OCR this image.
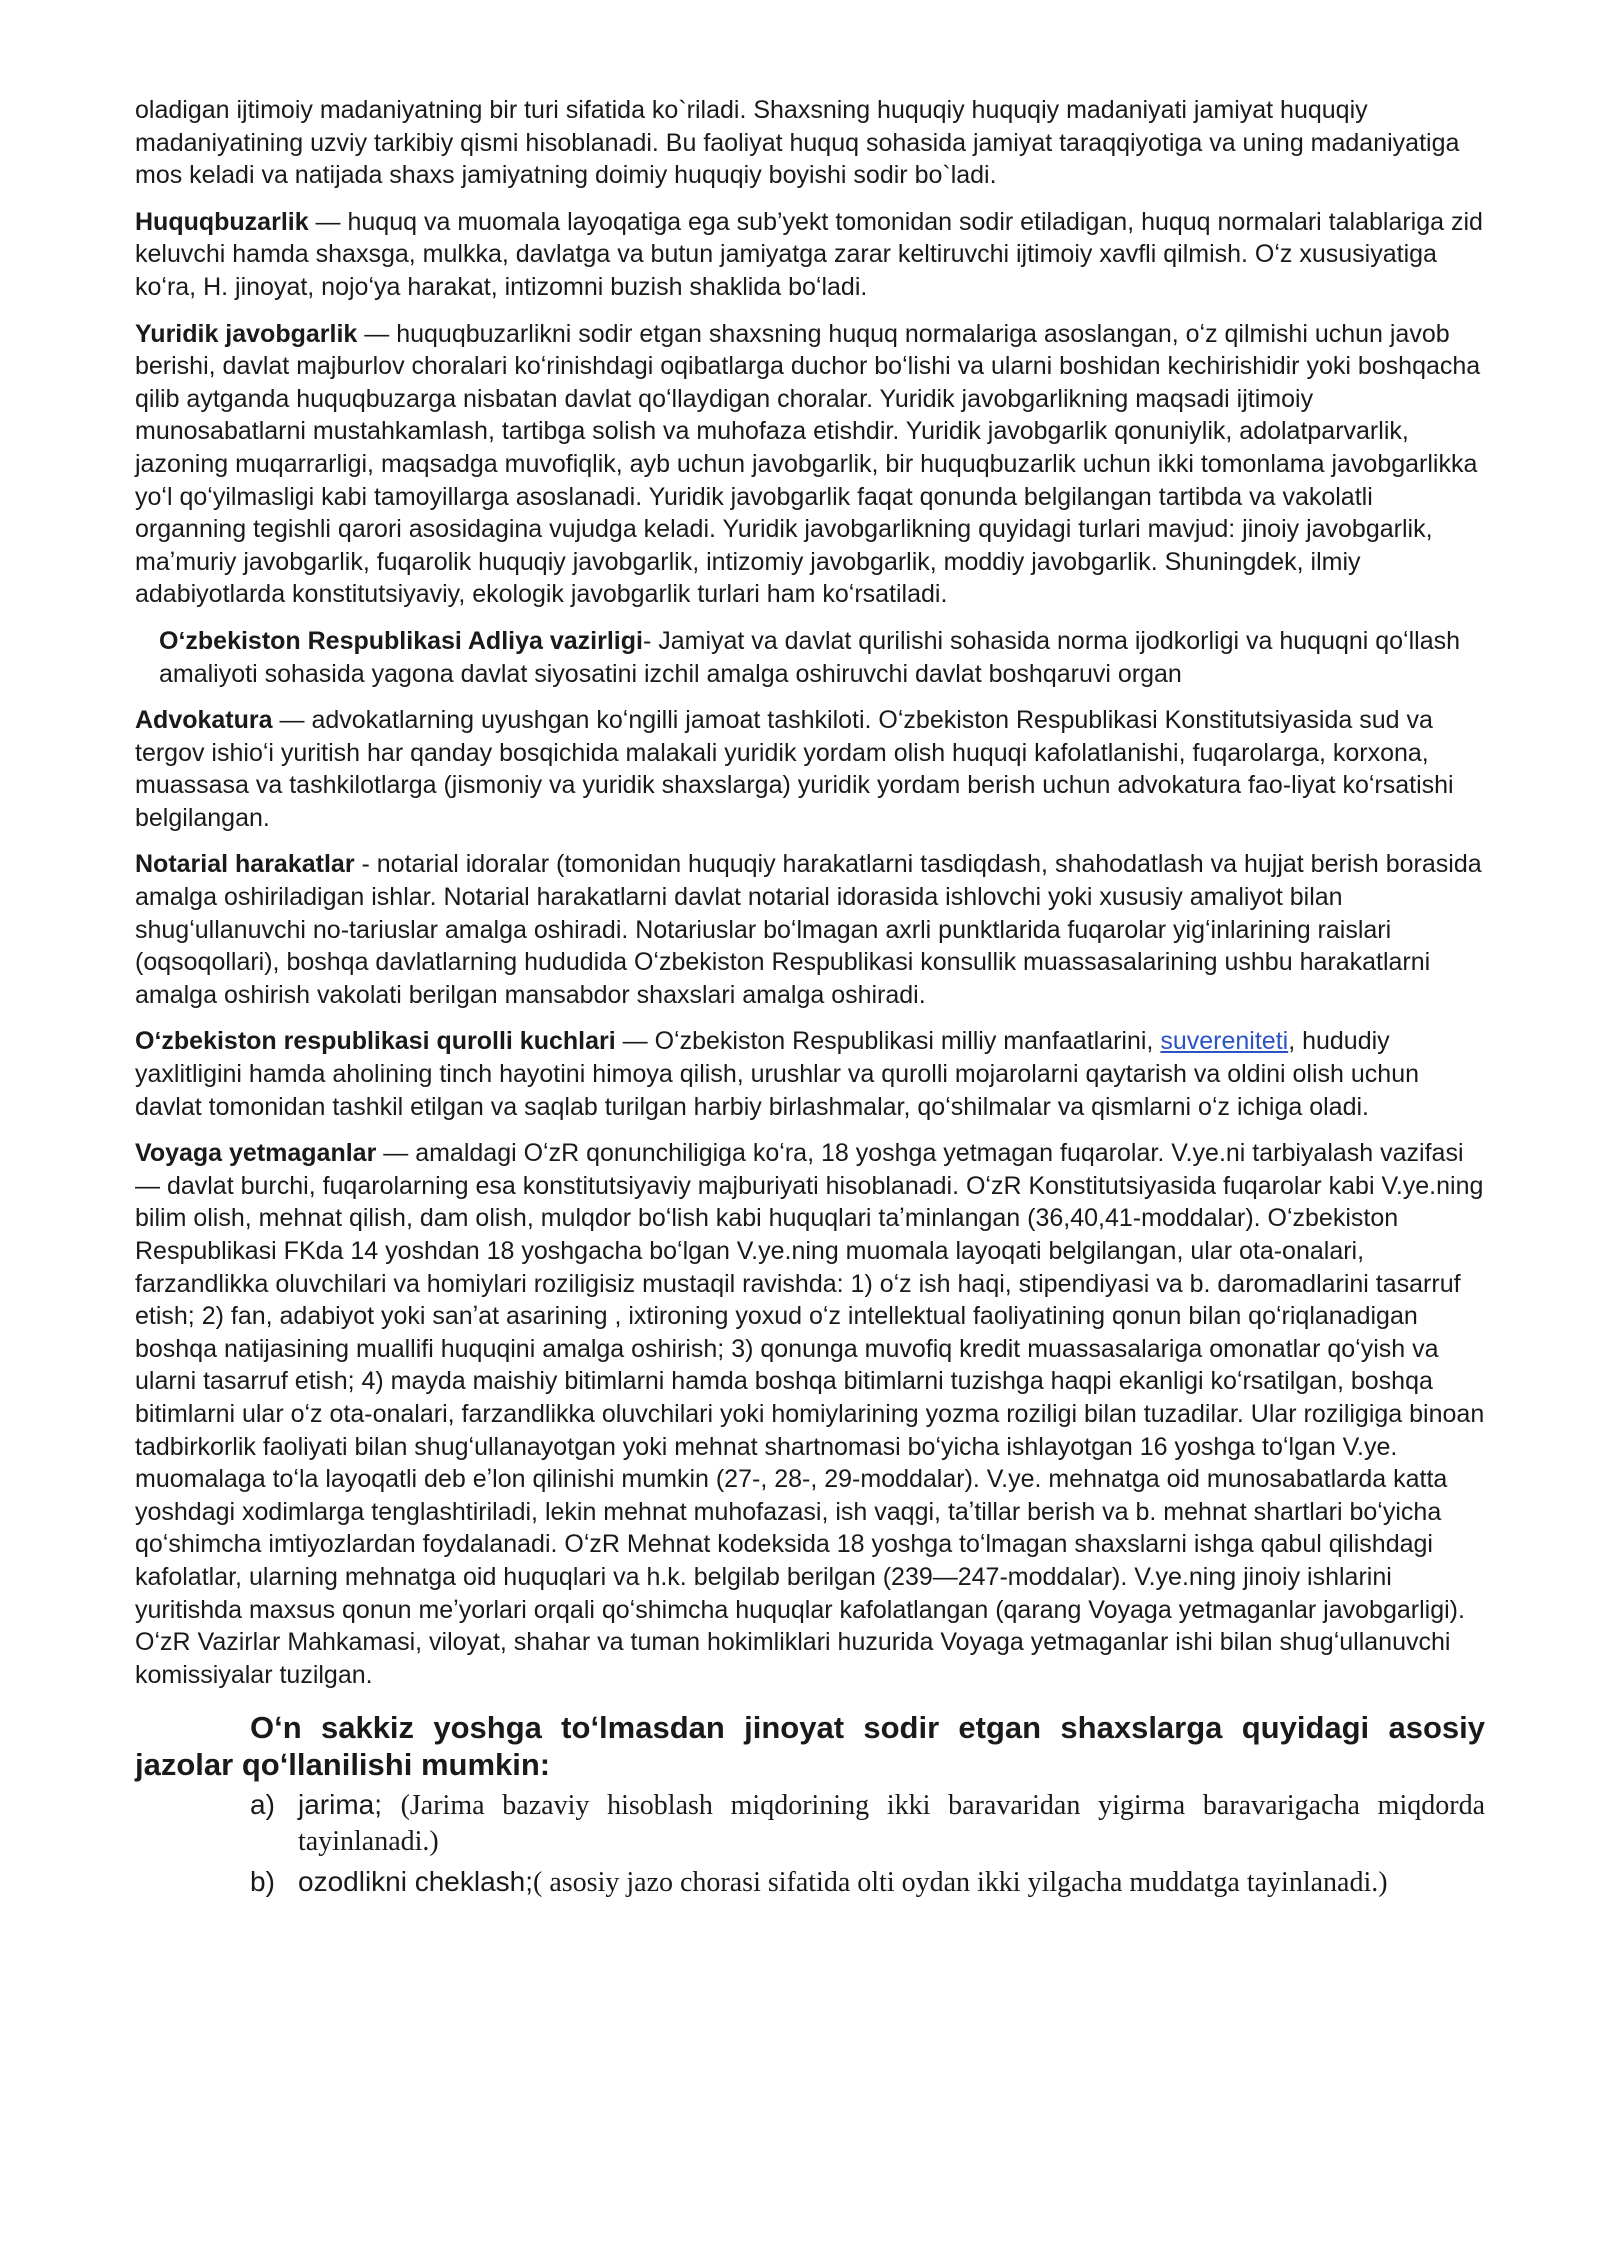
oladigan ijtimoiy madaniyatning bir turi sifatida ko`riladi. Shaxsning huquqiy huquqiy madaniyati jamiyat huquqiy madaniyatining uzviy tarkibiy qismi hisoblanadi. Bu faoliyat huquq sohasida jamiyat taraqqiyotiga va uning madaniyatiga mos keladi va natijada shaxs jamiyatning doimiy huquqiy boyishi sodir bo`ladi.

Huquqbuzarlik — huquq va muomala layoqatiga ega sub’yekt tomonidan sodir etiladigan, huquq normalari talablariga zid keluvchi hamda shaxsga, mulkka, davlatga va butun jamiyatga zarar keltiruvchi ijtimoiy xavfli qilmish. Oʻz xususiyatiga koʻra, H. jinoyat, nojoʻya harakat, intizomni buzish shaklida boʻladi.

Yuridik javobgarlik — huquqbuzarlikni sodir etgan shaxsning huquq normalariga asoslangan, oʻz qilmishi uchun javob berishi, davlat majburlov choralari koʻrinishdagi oqibatlarga duchor boʻlishi va ularni boshidan kechirishidir yoki boshqacha qilib aytganda huquqbuzarga nisbatan davlat qoʻllaydigan choralar. Yuridik javobgarlikning maqsadi ijtimoiy munosabatlarni mustahkamlash, tartibga solish va muhofaza etishdir. Yuridik javobgarlik qonuniylik, adolatparvarlik, jazoning muqarrarligi, maqsadga muvofiqlik, ayb uchun javobgarlik, bir huquqbuzarlik uchun ikki tomonlama javobgarlikka yoʻl qoʻyilmasligi kabi tamoyillarga asoslanadi. Yuridik javobgarlik faqat qonunda belgilangan tartibda va vakolatli organning tegishli qarori asosidagina vujudga keladi. Yuridik javobgarlikning quyidagi turlari mavjud: jinoiy javobgarlik, maʼmuriy javobgarlik, fuqarolik huquqiy javobgarlik, intizomiy javobgarlik, moddiy javobgarlik. Shuningdek, ilmiy adabiyotlarda konstitutsiyaviy, ekologik javobgarlik turlari ham koʻrsatiladi.

Oʻzbekiston Respublikasi Adliya vazirligi- Jamiyat va davlat qurilishi sohasida norma ijodkorligi va huquqni qoʻllash amaliyoti sohasida yagona davlat siyosatini izchil amalga oshiruvchi davlat boshqaruvi organ

Advokatura — advokatlarning uyushgan koʻngilli jamoat tashkiloti. Oʻzbekiston Respublikasi Konstitutsiyasida sud va tergov ishioʻi yuritish har qanday bosqichida malakali yuridik yordam olish huquqi kafolatlanishi, fuqarolarga, korxona, muassasa va tashkilotlarga (jismoniy va yuridik shaxslarga) yuridik yordam berish uchun advokatura fao-liyat koʻrsatishi belgilangan.

Notarial harakatlar - notarial idoralar (tomonidan huquqiy harakatlarni tasdiqdash, shahodatlash va hujjat berish borasida amalga oshiriladigan ishlar. Notarial harakatlarni davlat notarial idorasida ishlovchi yoki xususiy amaliyot bilan shugʻullanuvchi no-tariuslar amalga oshiradi. Notariuslar boʻlmagan axrli punktlarida fuqarolar yigʻinlarining raislari (oqsoqollari), boshqa davlatlarning hududida Oʻzbekiston Respublikasi konsullik muassasalarining ushbu harakatlarni amalga oshirish vakolati berilgan mansabdor shaxslari amalga oshiradi.

Oʻzbekiston respublikasi qurolli kuchlari — Oʻzbekiston Respublikasi milliy manfaatlarini, suvereniteti, hududiy yaxlitligini hamda aholining tinch hayotini himoya qilish, urushlar va qurolli mojarolarni qaytarish va oldini olish uchun davlat tomonidan tashkil etilgan va saqlab turilgan harbiy birlashmalar, qoʻshilmalar va qismlarni oʻz ichiga oladi.

Voyaga yetmaganlar — amaldagi OʻzR qonunchiligiga koʻra, 18 yoshga yetmagan fuqarolar. V.ye.ni tarbiyalash vazifasi — davlat burchi, fuqarolarning esa konstitutsiyaviy majburiyati hisoblanadi. OʻzR Konstitutsiyasida fuqarolar kabi V.ye.ning bilim olish, mehnat qilish, dam olish, mulqdor boʻlish kabi huquqlari taʼminlangan (36,40,41-moddalar). Oʻzbekiston Respublikasi FKda 14 yoshdan 18 yoshgacha boʻlgan V.ye.ning muomala layoqati belgilangan, ular ota-onalari, farzandlikka oluvchilari va homiylari roziligisiz mustaqil ravishda: 1) oʻz ish haqi, stipendiyasi va b. daromadlarini tasarruf etish; 2) fan, adabiyot yoki sanʼat asarining , ixtironing yoxud oʻz intellektual faoliyatining qonun bilan qoʻriqlanadigan boshqa natijasining muallifi huquqini amalga oshirish; 3) qonunga muvofiq kredit muassasalariga omonatlar qoʻyish va ularni tasarruf etish; 4) mayda maishiy bitimlarni hamda boshqa bitimlarni tuzishga haqpi ekanligi koʻrsatilgan, boshqa bitimlarni ular oʻz ota-onalari, farzandlikka oluvchilari yoki homiylarining yozma roziligi bilan tuzadilar. Ular roziligiga binoan tadbirkorlik faoliyati bilan shugʻullanayotgan yoki mehnat shartnomasi boʻyicha ishlayotgan 16 yoshga toʻlgan V.ye. muomalaga toʻla layoqatli deb eʼlon qilinishi mumkin (27-, 28-, 29-moddalar). V.ye. mehnatga oid munosabatlarda katta yoshdagi xodimlarga tenglashtiriladi, lekin mehnat muhofazasi, ish vaqgi, taʼtillar berish va b. mehnat shartlari boʻyicha qoʻshimcha imtiyozlardan foydalanadi. OʻzR Mehnat kodeksida 18 yoshga toʻlmagan shaxslarni ishga qabul qilishdagi kafolatlar, ularning mehnatga oid huquqlari va h.k. belgilab berilgan (239—247-moddalar). V.ye.ning jinoiy ishlarini yuritishda maxsus qonun meʼyorlari orqali qoʻshimcha huquqlar kafolatlangan (qarang Voyaga yetmaganlar javobgarligi). OʻzR Vazirlar Mahkamasi, viloyat, shahar va tuman hokimliklari huzurida Voyaga yetmaganlar ishi bilan shugʻullanuvchi komissiyalar tuzilgan.

Oʻn sakkiz yoshga toʻlmasdan jinoyat sodir etgan shaxslarga quyidagi asosiy jazolar qoʻllanilishi mumkin:
a) jarima; (Jarima bazaviy hisoblash miqdorining ikki baravaridan yigirma baravarigacha miqdorda tayinlanadi.)
b) ozodlikni cheklash;( asosiy jazo chorasi sifatida olti oydan ikki yilgacha muddatga tayinlanadi.)
